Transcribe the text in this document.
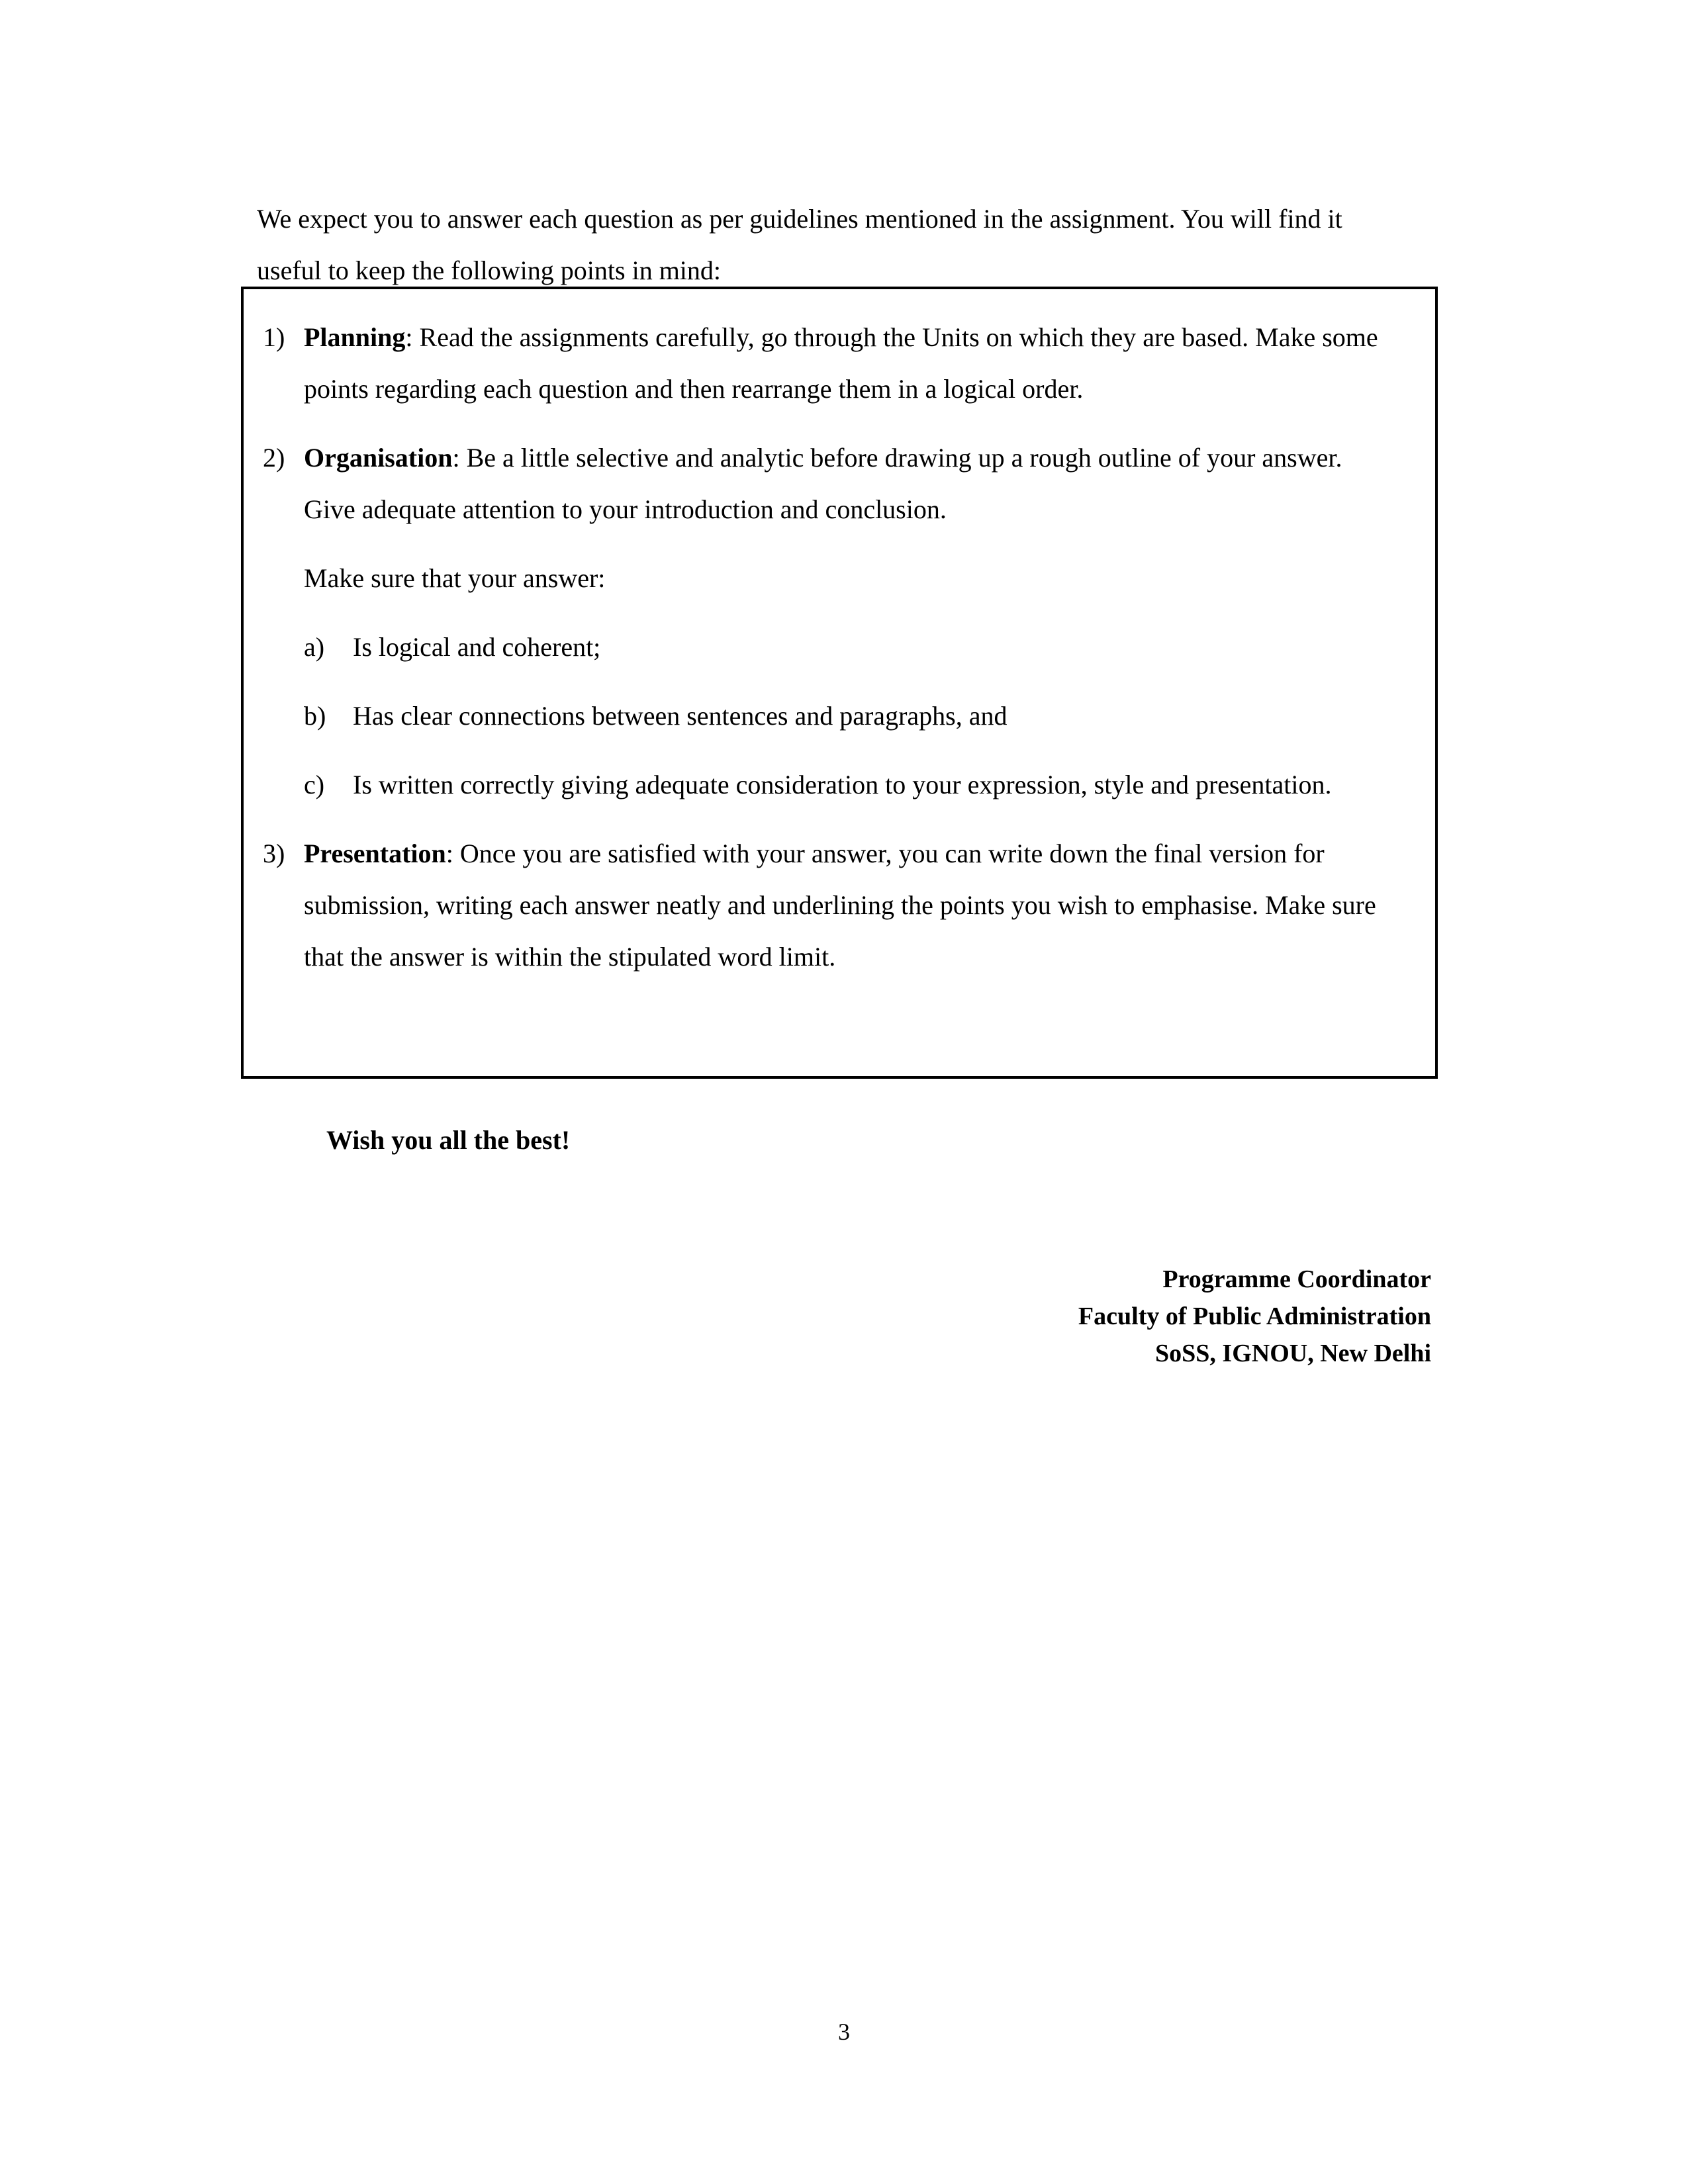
We expect you to answer each question as per guidelines mentioned in the assignment. You will find it useful to keep the following points in mind:

1) Planning: Read the assignments carefully, go through the Units on which they are based. Make some points regarding each question and then rearrange them in a logical order.
2) Organisation: Be a little selective and analytic before drawing up a rough outline of your answer. Give adequate attention to your introduction and conclusion.
Make sure that your answer:
a)	Is logical and coherent;
b)	Has clear connections between sentences and paragraphs, and
c)	Is written correctly giving adequate consideration to your expression, style and presentation.
3) Presentation: Once you are satisfied with your answer, you can write down the final version for submission, writing each answer neatly and underlining the points you wish to emphasise. Make sure that the answer is within the stipulated word limit.
Wish you all the best!
Programme Coordinator
Faculty of Public Administration
SoSS, IGNOU, New Delhi
3
